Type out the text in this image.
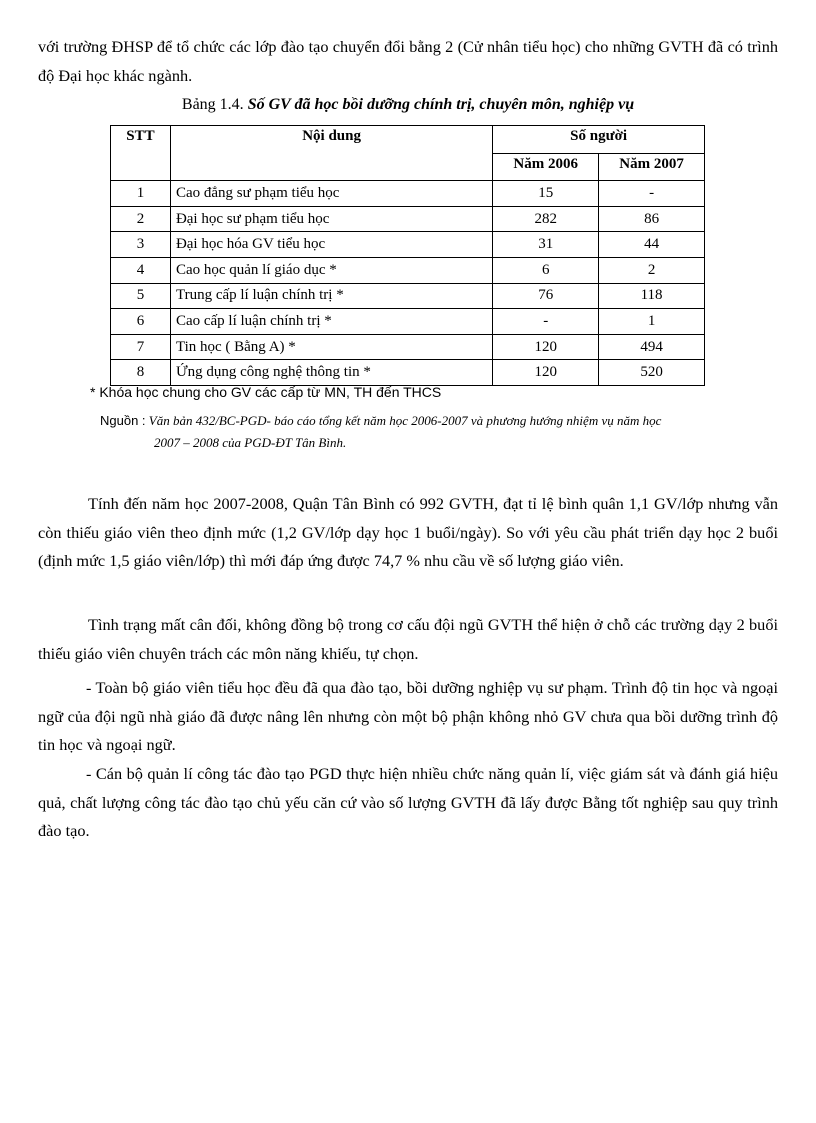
với trường ĐHSP để tổ chức các lớp đào tạo chuyển đổi bằng 2 (Cử nhân tiểu học) cho những GVTH đã có trình độ Đại học khác ngành.

Bảng 1.4. Số GV đã học bồi dưỡng chính trị, chuyên môn, nghiệp vụ

STT	Nội dung	Số người	
		Năm 2006	Năm 2007
1	Cao đẳng sư phạm tiểu học	15	-
2	Đại học sư phạm tiểu học	282	86
3	Đại học hóa GV tiểu học	31	44
4	Cao học quản lí giáo dục *	6	2
5	Trung cấp lí luận chính trị *	76	118
6	Cao cấp lí luận chính trị *	-	1
7	Tin học ( Bằng A) *	120	494
8	Ứng dụng công nghệ thông tin *	120	520

* Khóa học chung cho GV các cấp từ MN, TH đến THCS

Nguồn : Văn bản 432/BC-PGD- báo cáo tổng kết năm học 2006-2007 và phương hướng nhiệm vụ năm học
2007 – 2008 của PGD-ĐT Tân Bình.

Tính đến năm học 2007-2008, Quận Tân Bình có 992 GVTH, đạt tỉ lệ bình quân 1,1 GV/lớp nhưng vẫn còn thiếu giáo viên theo định mức (1,2 GV/lớp dạy học 1 buổi/ngày). So với yêu cầu phát triển dạy học 2 buổi (định mức 1,5 giáo viên/lớp) thì mới đáp ứng được 74,7 % nhu cầu về số lượng giáo viên.

Tình trạng mất cân đối, không đồng bộ trong cơ cấu đội ngũ GVTH thể hiện ở chỗ các trường dạy 2 buổi thiếu giáo viên chuyên trách các môn năng khiếu, tự chọn.

- Toàn bộ giáo viên tiểu học đều đã qua đào tạo, bồi dưỡng nghiệp vụ sư phạm. Trình độ tin học và ngoại ngữ của đội ngũ nhà giáo đã được nâng lên nhưng còn một bộ phận không nhỏ GV chưa qua bồi dưỡng trình độ tin học và ngoại ngữ.

- Cán bộ quản lí công tác đào tạo PGD thực hiện nhiều chức năng quản lí, việc giám sát và đánh giá hiệu quả, chất lượng công tác đào tạo chủ yếu căn cứ vào số lượng GVTH đã lấy được Bằng tốt nghiệp sau quy trình đào tạo.
